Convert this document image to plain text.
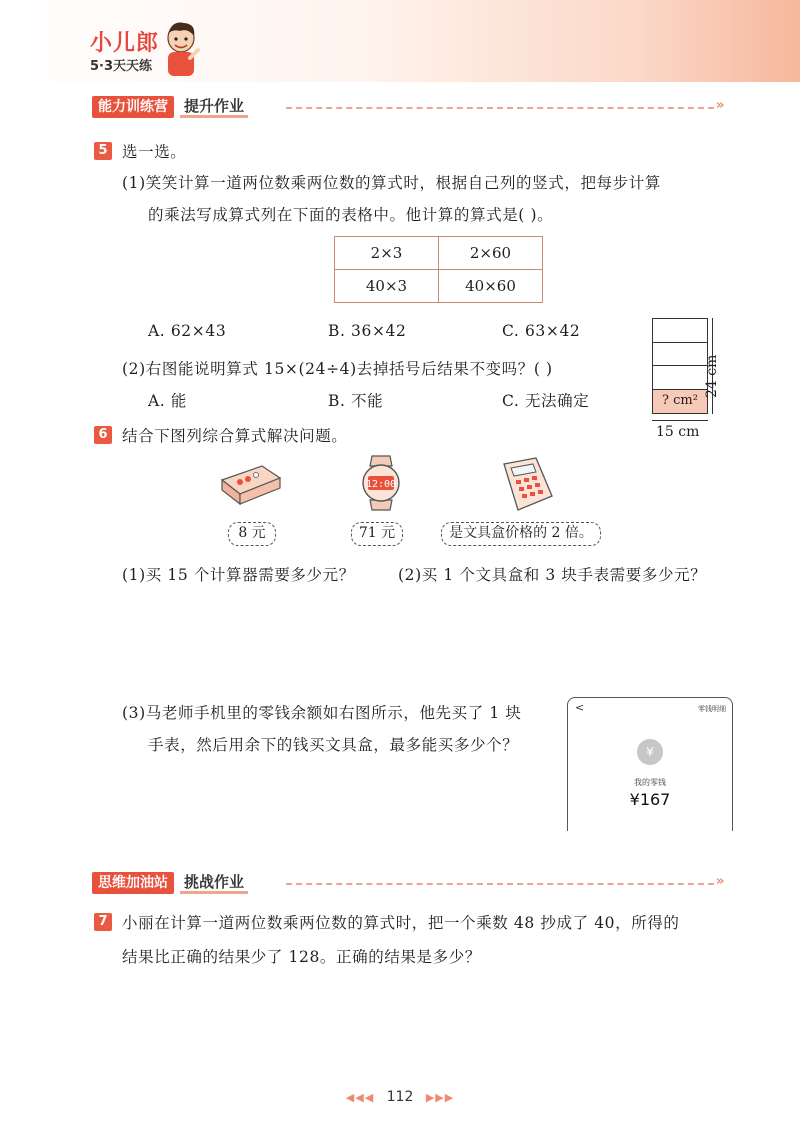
小儿郎
5·3天天练
能力训练营	提升作业	»
5 选一选。
(1)笑笑计算一道两位数乘两位数的算式时，根据自己列的竖式，把每步计算
的乘法写成算式列在下面的表格中。他计算的算式是( )。
2×3	2×60
40×3	40×60
A. 62×43	B. 36×42	C. 63×42
(2)右图能说明算式 15×(24÷4)去掉括号后结果不变吗？( )
A. 能	B. 不能	C. 无法确定	? cm²
24 cm
15 cm
6 结合下图列综合算式解决问题。
12:00
8 元	71 元	是文具盒价格的 2 倍。
(1)买 15 个计算器需要多少元？	(2)买 1 个文具盒和 3 块手表需要多少元？
(3)马老师手机里的零钱余额如右图所示，他先买了 1 块
手表，然后用余下的钱买文具盒，最多能买多少个？
<	零钱明细
¥
我的零钱
¥167
思维加油站	挑战作业	»
7 小丽在计算一道两位数乘两位数的算式时，把一个乘数 48 抄成了 40，所得的
结果比正确的结果少了 128。正确的结果是多少？
◀◀◀ 112 ▶▶▶
